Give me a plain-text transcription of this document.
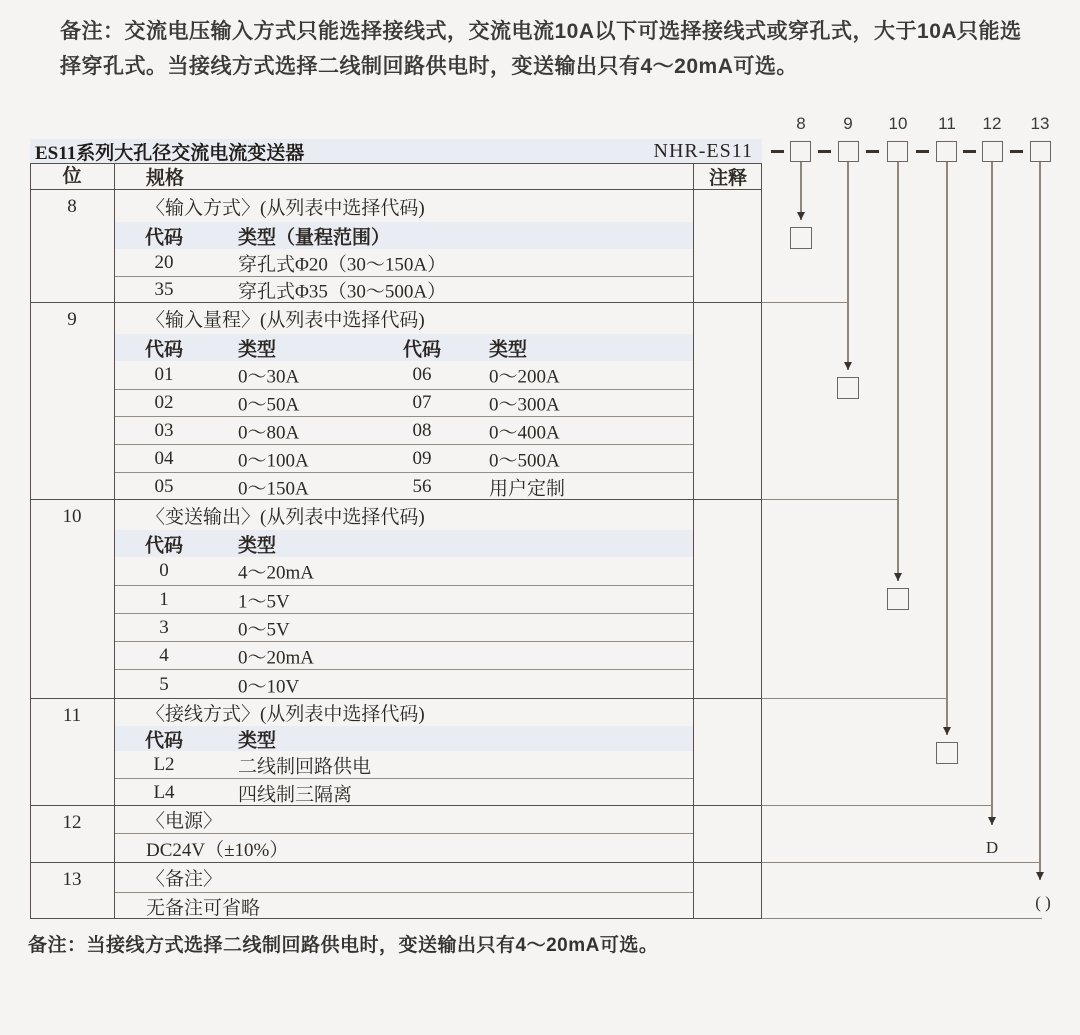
备注：交流电压输入方式只能选择接线式，交流电流10A以下可选择接线式或穿孔式，大于10A只能选择穿孔式。当接线方式选择二线制回路供电时，变送输出只有4～20mA可选。
ES11系列大孔径交流电流变送器	NHR-ES11
位	规格	注释
8	〈输入方式〉(从列表中选择代码)
代码	类型（量程范围）
20	穿孔式Φ20（30～150A）
35	穿孔式Φ35（30～500A）
9	〈输入量程〉(从列表中选择代码)
代码	类型	代码	类型
01	0～30A	06	0～200A
02	0～50A	07	0～300A
03	0～80A	08	0～400A
04	0～100A	09	0～500A
05	0～150A	56	用户定制
10	〈变送输出〉(从列表中选择代码)
代码	类型
0	4～20mA
1	1～5V
3	0～5V
4	0～20mA
5	0～10V
11	〈接线方式〉(从列表中选择代码)
代码	类型
L2	二线制回路供电
L4	四线制三隔离
12	〈电源〉
DC24V（±10%）
13	〈备注〉
无备注可省略
8	9	10	11	12	13
D
( )
备注：当接线方式选择二线制回路供电时，变送输出只有4～20mA可选。
